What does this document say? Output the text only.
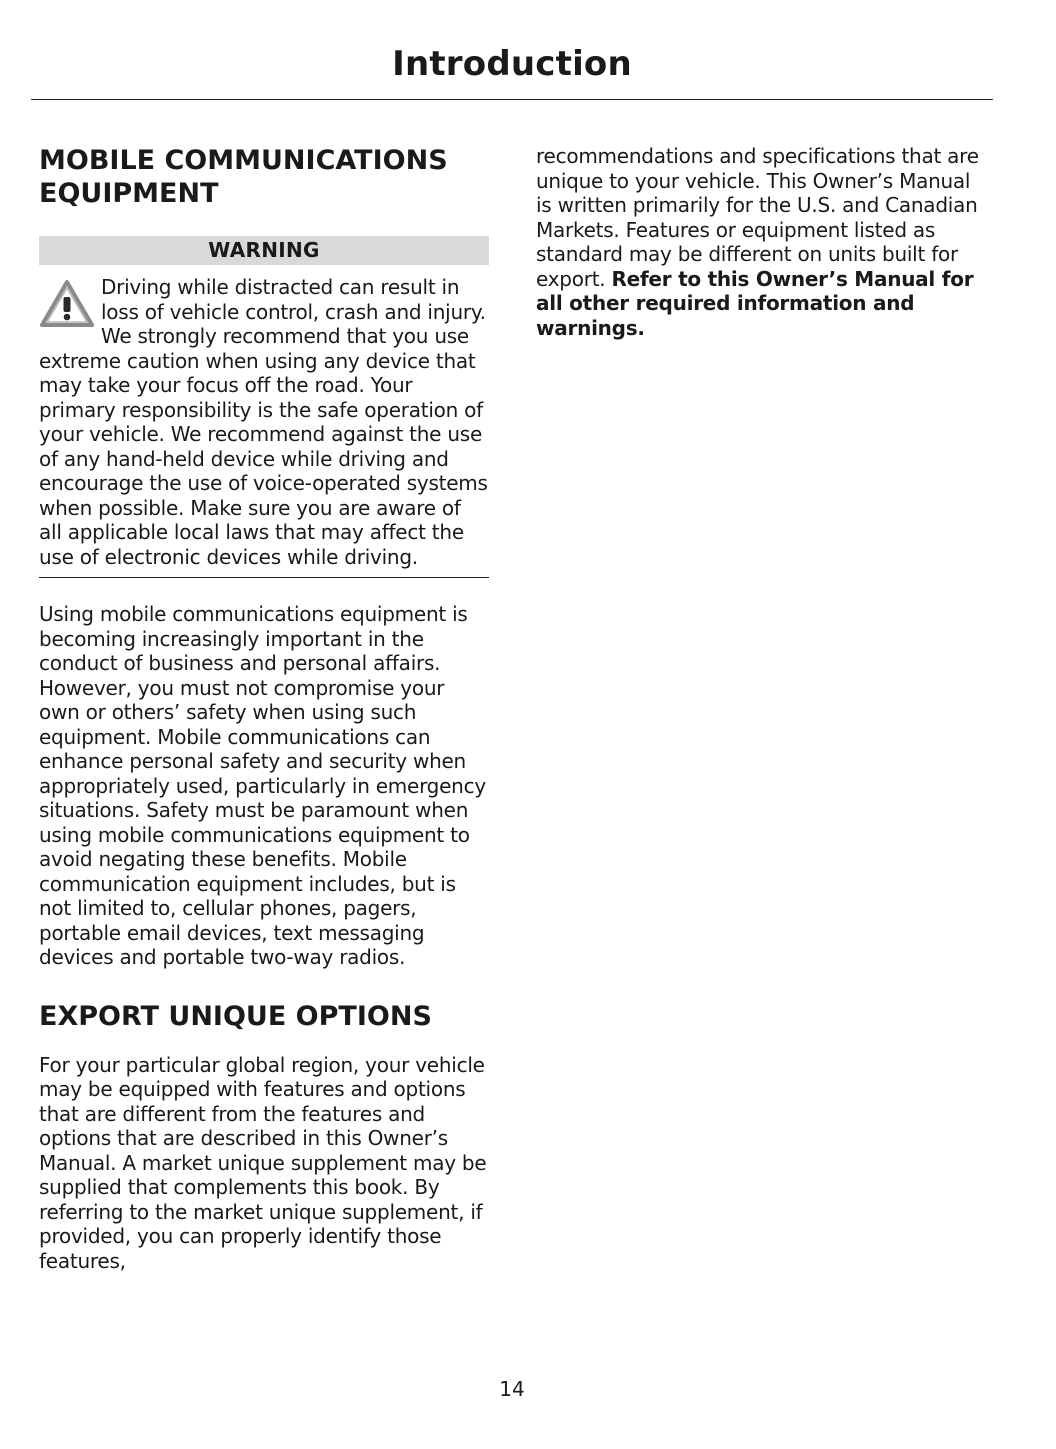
Introduction
MOBILE COMMUNICATIONS
EQUIPMENT
WARNING

Driving while distracted can result in loss of vehicle control, crash and injury. We strongly recommend that you use extreme caution when using any device that may take your focus off the road. Your primary responsibility is the safe operation of your vehicle. We recommend against the use of any hand-held device while driving and encourage the use of voice-operated systems when possible. Make sure you are aware of all applicable local laws that may affect the use of electronic devices while driving.

Using mobile communications equipment is becoming increasingly important in the conduct of business and personal affairs. However, you must not compromise your own or others’ safety when using such equipment. Mobile communications can enhance personal safety and security when appropriately used, particularly in emergency situations. Safety must be paramount when using mobile communications equipment to avoid negating these benefits. Mobile communication equipment includes, but is not limited to, cellular phones, pagers, portable email devices, text messaging devices and portable two-way radios.

EXPORT UNIQUE OPTIONS

For your particular global region, your vehicle may be equipped with features and options that are different from the features and options that are described in this Owner’s Manual. A market unique supplement may be supplied that complements this book. By referring to the market unique supplement, if provided, you can properly identify those features,

recommendations and specifications that are unique to your vehicle. This Owner’s Manual is written primarily for the U.S. and Canadian Markets. Features or equipment listed as standard may be different on units built for export. Refer to this Owner’s Manual for all other required information and warnings.

14
